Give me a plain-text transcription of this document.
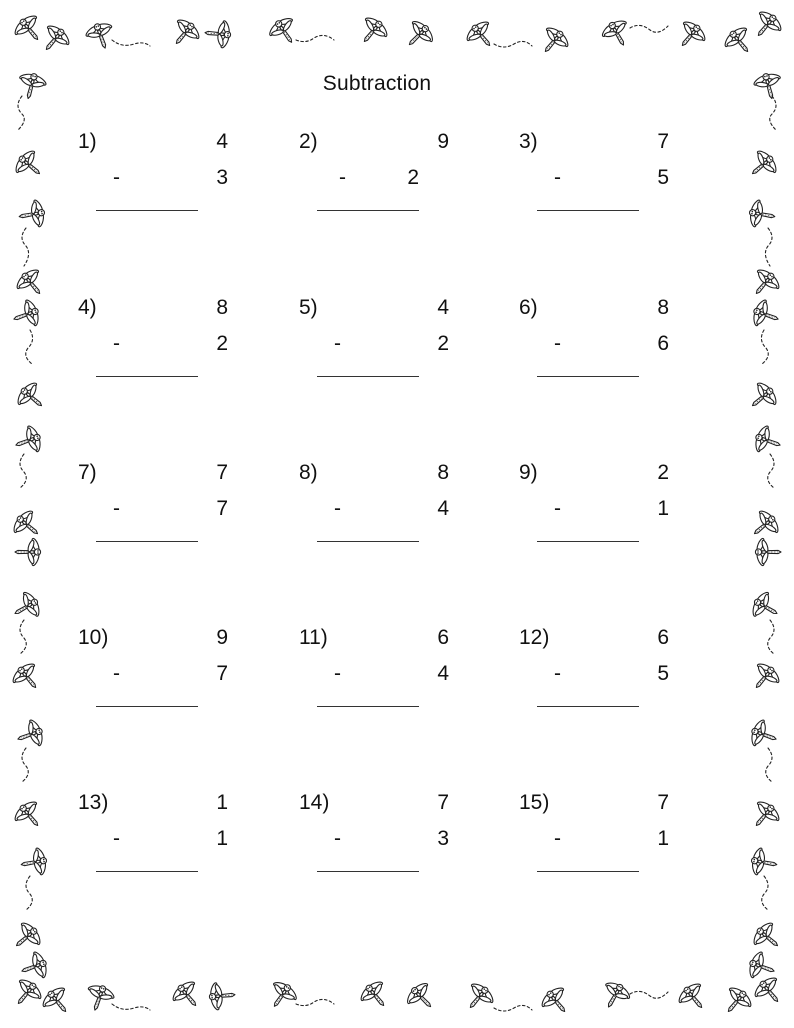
Subtraction
1)	4
-	3
2)	9
-	2
3)	7
-	5
4)	8
-	2
5)	4
-	2
6)	8
-	6
7)	7
-	7
8)	8
-	4
9)	2
-	1
10)	9
-	7
11)	6
-	4
12)	6
-	5
13)	1
-	1
14)	7
-	3
15)	7
-	1
